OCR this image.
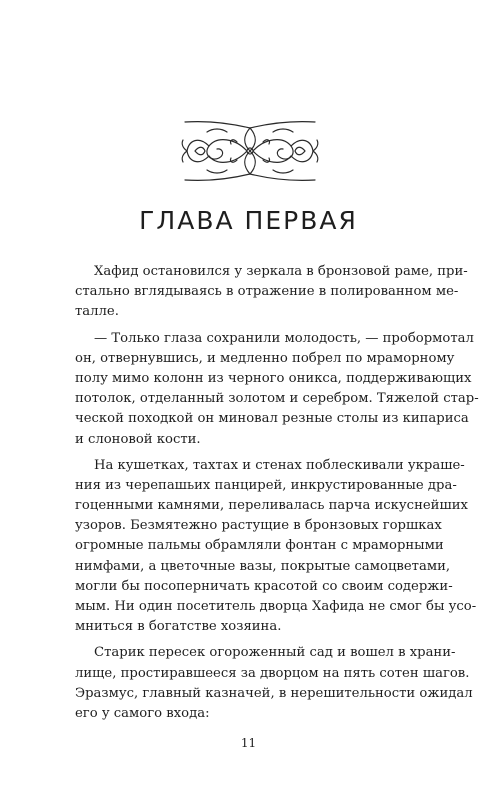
ГЛАВА ПЕРВАЯ

Хафид остановился у зеркала в бронзовой раме, при-
стально вглядываясь в отражение в полированном ме-
талле.

— Только глаза сохранили молодость, — пробормотал
он, отвернувшись, и медленно побрел по мраморному
полу мимо колонн из черного оникса, поддерживающих
потолок, отделанный золотом и серебром. Тяжелой стар-
ческой походкой он миновал резные столы из кипариса
и слоновой кости.

На кушетках, тахтах и стенах поблескивали украше-
ния из черепашьих панцирей, инкрустированные дра-
гоценными камнями, переливалась парча искуснейших
узоров. Безмятежно растущие в бронзовых горшках
огромные пальмы обрамляли фонтан с мраморными
нимфами, а цветочные вазы, покрытые самоцветами,
могли бы посоперничать красотой со своим содержи-
мым. Ни один посетитель дворца Хафида не смог бы усо-
мниться в богатстве хозяина.

Старик пересек огороженный сад и вошел в храни-
лище, простиравшееся за дворцом на пять сотен шагов.
Эразмус, главный казначей, в нерешительности ожидал
его у самого входа:

11
